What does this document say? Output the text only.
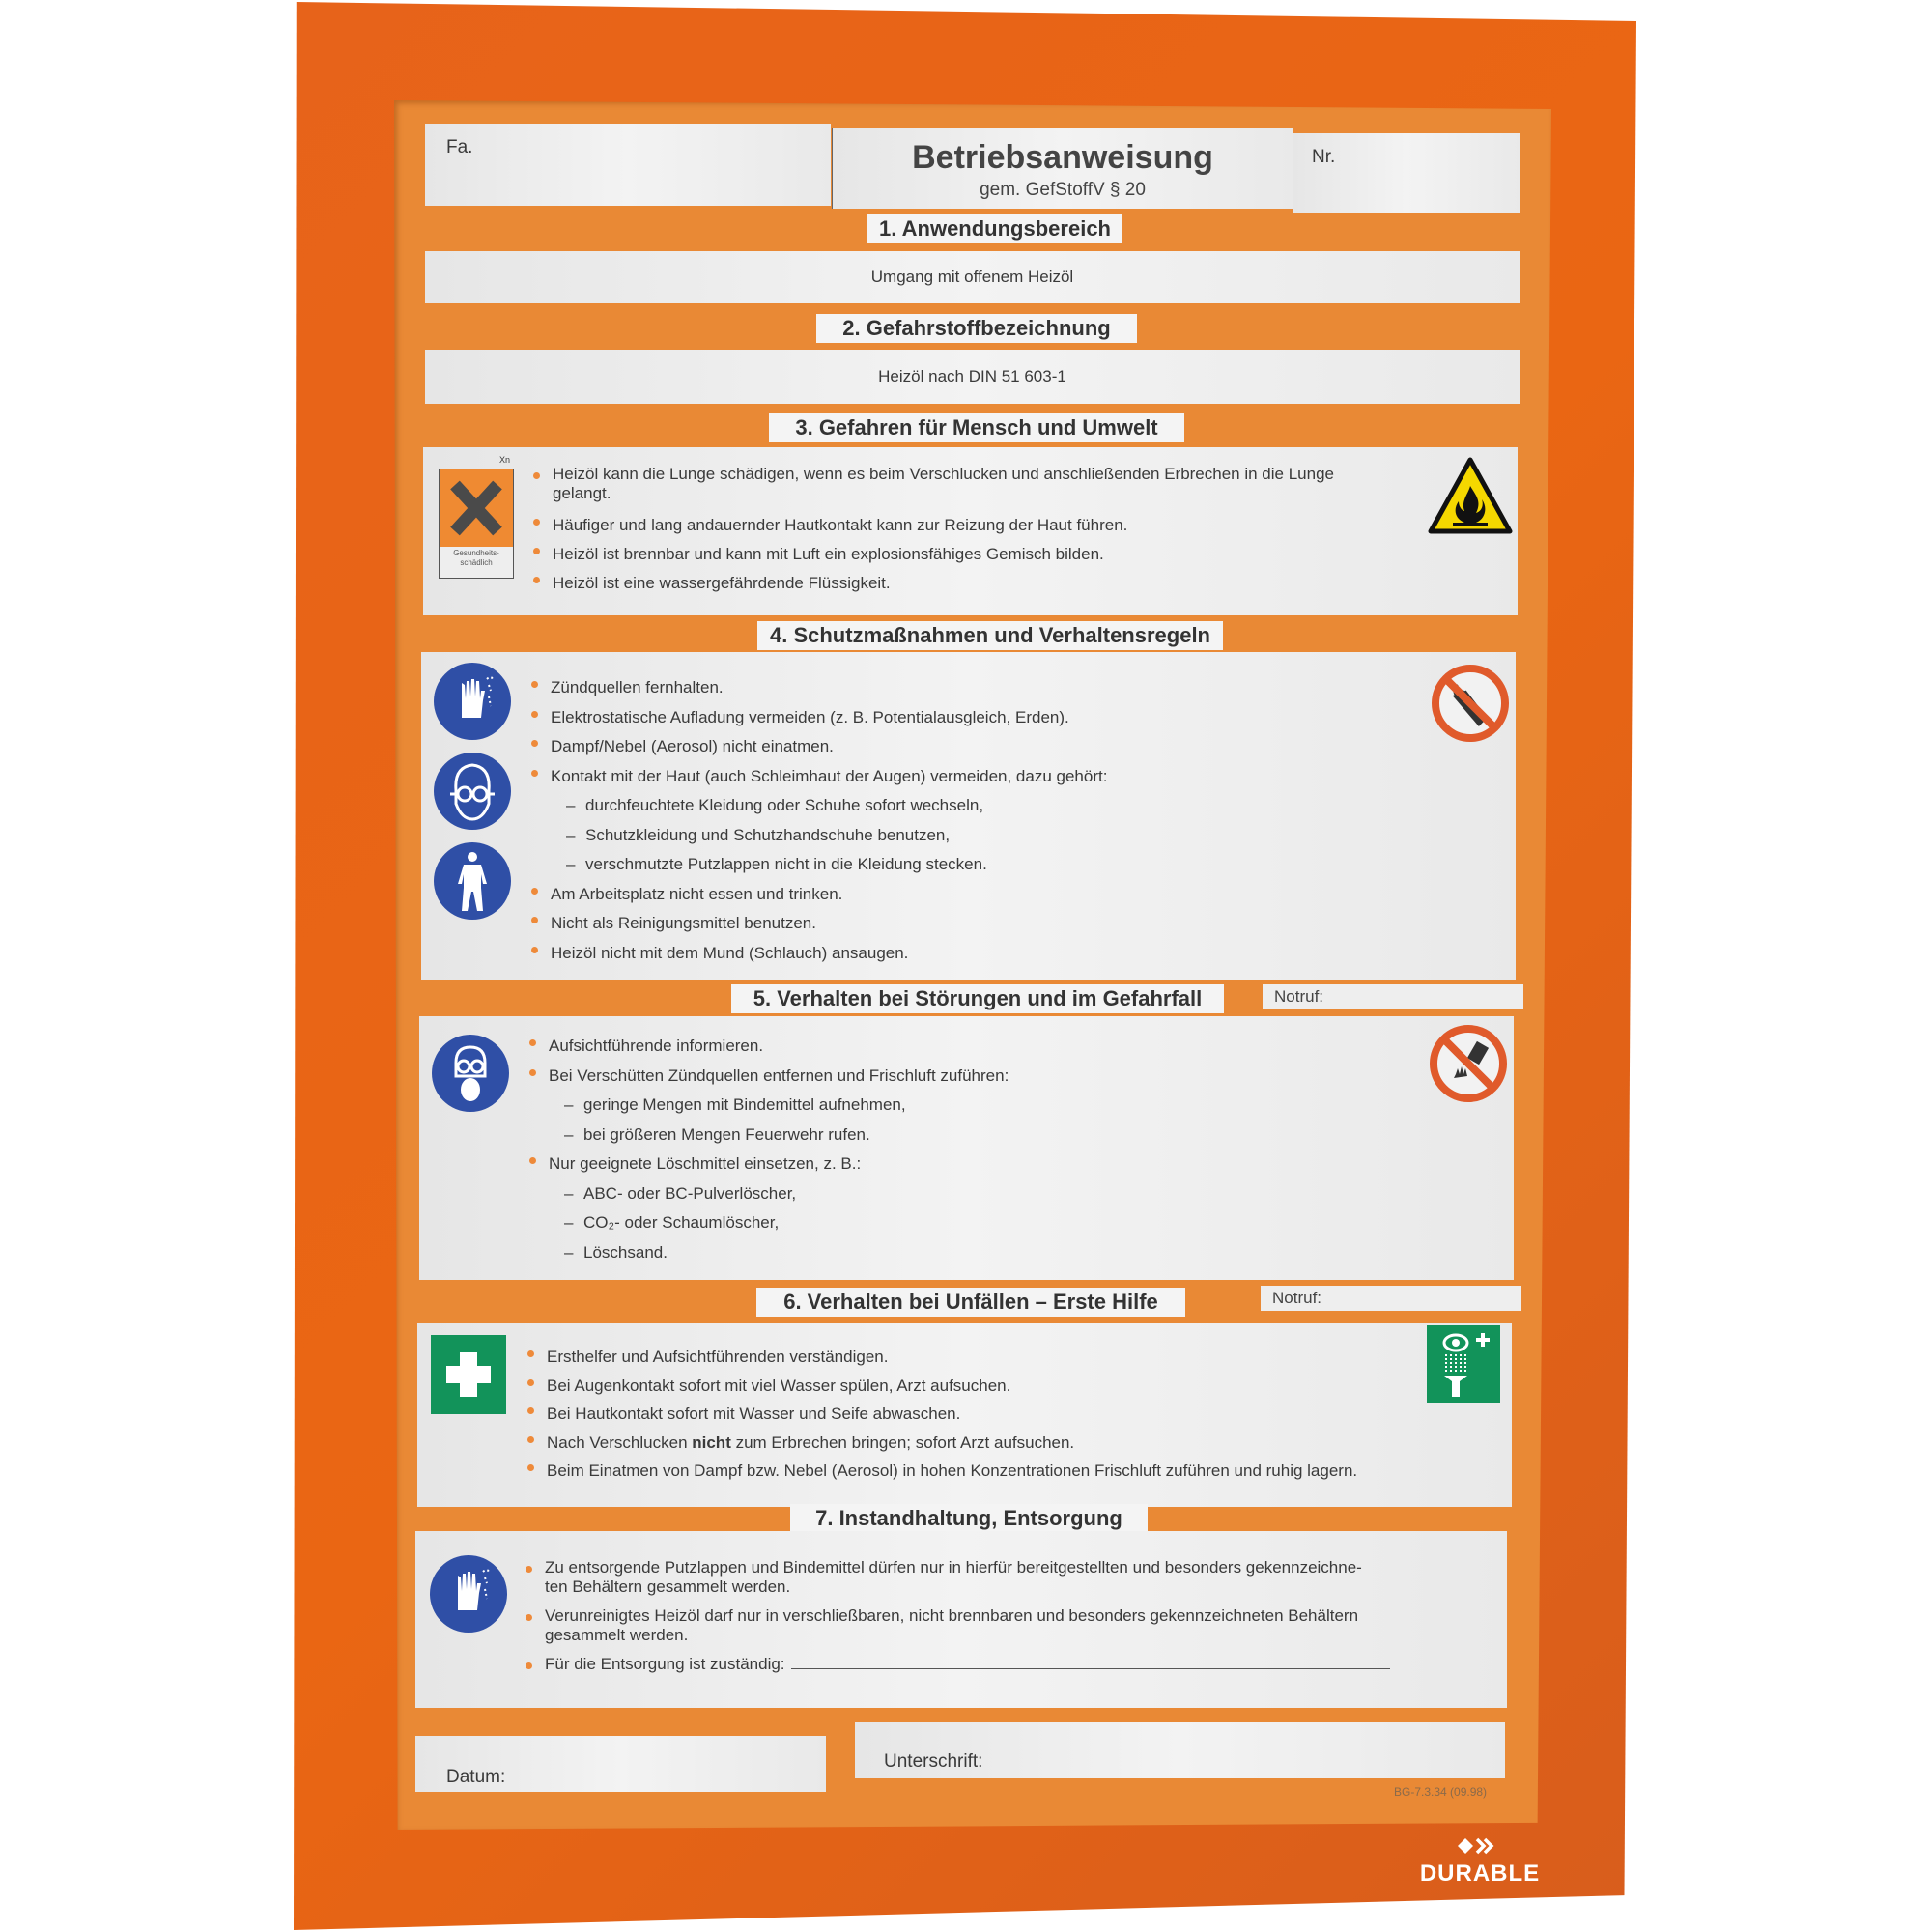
Fa.	Betriebsanweisung
gem. GefStoffV § 20
Nr.
1. Anwendungsbereich
Umgang mit offenem Heizöl
2. Gefahrstoffbezeichnung
Heizöl nach DIN 51 603-1
3. Gefahren für Mensch und Umwelt
Xn
Gesundheits-
schädlich
Heizöl kann die Lunge schädigen, wenn es beim Verschlucken und anschließenden Erbrechen in die Lunge
gelangt.
Häufiger und lang andauernder Hautkontakt kann zur Reizung der Haut führen.
Heizöl ist brennbar und kann mit Luft ein explosionsfähiges Gemisch bilden.
Heizöl ist eine wassergefährdende Flüssigkeit.
4. Schutzmaßnahmen und Verhaltensregeln
Zündquellen fernhalten.
Elektrostatische Aufladung vermeiden (z. B. Potentialausgleich, Erden).
Dampf/Nebel (Aerosol) nicht einatmen.
Kontakt mit der Haut (auch Schleimhaut der Augen) vermeiden, dazu gehört:
– durchfeuchtete Kleidung oder Schuhe sofort wechseln,
– Schutzkleidung und Schutzhandschuhe benutzen,
– verschmutzte Putzlappen nicht in die Kleidung stecken.
Am Arbeitsplatz nicht essen und trinken.
Nicht als Reinigungsmittel benutzen.
Heizöl nicht mit dem Mund (Schlauch) ansaugen.
5. Verhalten bei Störungen und im Gefahrfall	Notruf:
Aufsichtführende informieren.
Bei Verschütten Zündquellen entfernen und Frischluft zuführen:
– geringe Mengen mit Bindemittel aufnehmen,
– bei größeren Mengen Feuerwehr rufen.
Nur geeignete Löschmittel einsetzen, z. B.:
– ABC- oder BC-Pulverlöscher,
– CO₂- oder Schaumlöscher,
– Löschsand.
6. Verhalten bei Unfällen – Erste Hilfe	Notruf:
Ersthelfer und Aufsichtführenden verständigen.
Bei Augenkontakt sofort mit viel Wasser spülen, Arzt aufsuchen.
Bei Hautkontakt sofort mit Wasser und Seife abwaschen.
Nach Verschlucken nicht zum Erbrechen bringen; sofort Arzt aufsuchen.
Beim Einatmen von Dampf bzw. Nebel (Aerosol) in hohen Konzentrationen Frischluft zuführen und ruhig lagern.
7. Instandhaltung, Entsorgung
Zu entsorgende Putzlappen und Bindemittel dürfen nur in hierfür bereitgestellten und besonders gekennzeichne-
ten Behältern gesammelt werden.
Verunreinigtes Heizöl darf nur in verschließbaren, nicht brennbaren und besonders gekennzeichneten Behältern
gesammelt werden.
Für die Entsorgung ist zuständig:
Datum:
Unterschrift:
BG-7.3.34 (09.98)
DURABLE
